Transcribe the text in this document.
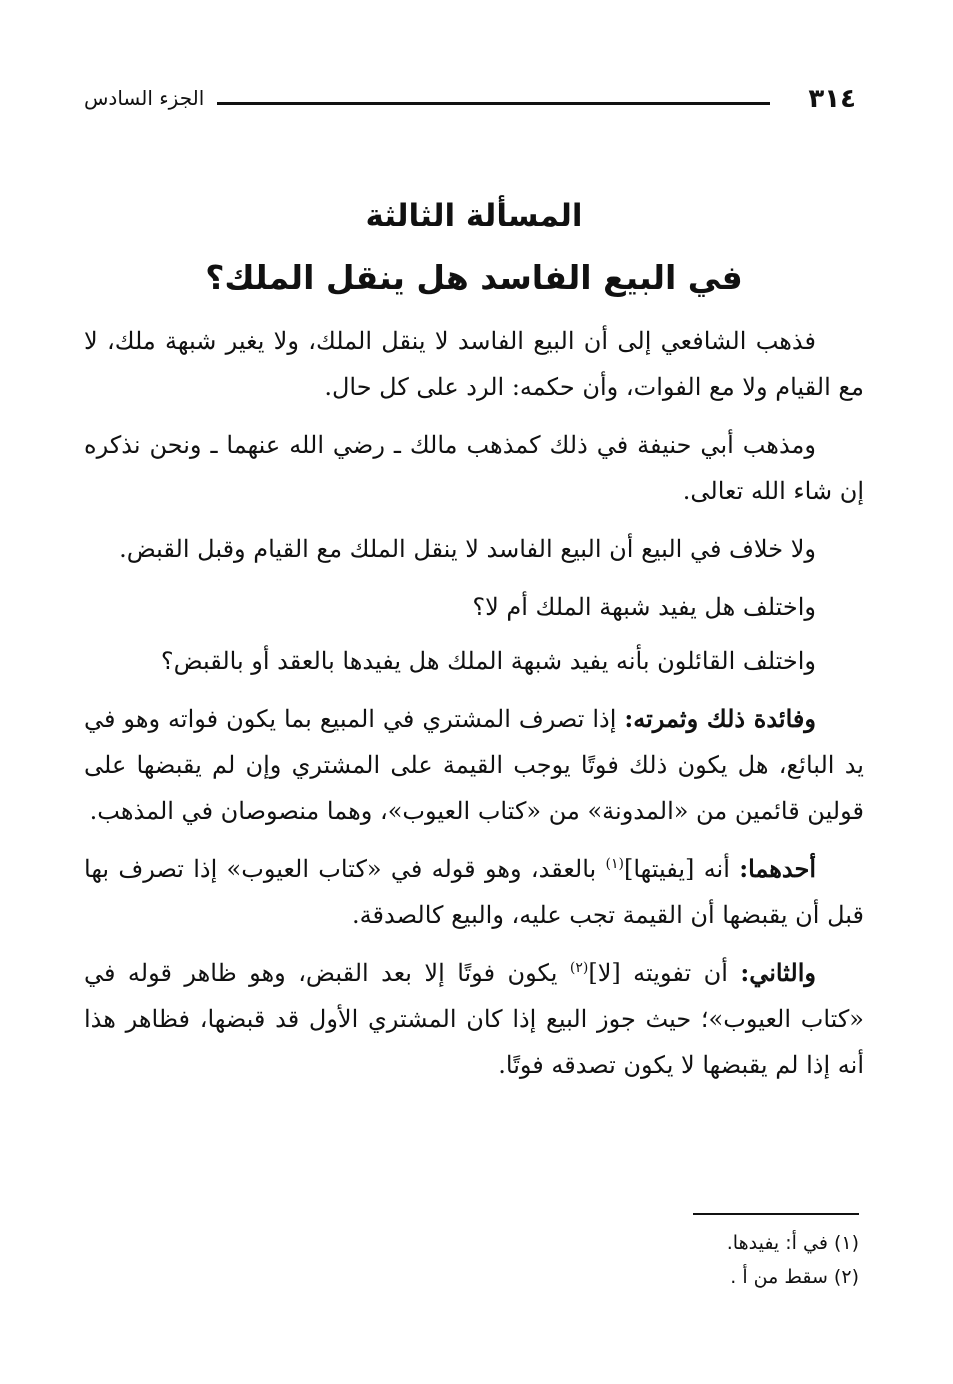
٣١٤
الجزء السادس
المسألة الثالثة
في البيع الفاسد هل ينقل الملك؟

فذهب الشافعي إلى أن البيع الفاسد لا ينقل الملك، ولا يغير شبهة ملك، لا مع القيام ولا مع الفوات، وأن حكمه: الرد على كل حال.

ومذهب أبي حنيفة في ذلك كمذهب مالك ـ رضي الله عنهما ـ ونحن نذكره إن شاء الله تعالى.

ولا خلاف في البيع أن البيع الفاسد لا ينقل الملك مع القيام وقبل القبض.

واختلف هل يفيد شبهة الملك أم لا؟

واختلف القائلون بأنه يفيد شبهة الملك هل يفيدها بالعقد أو بالقبض؟

وفائدة ذلك وثمرته: إذا تصرف المشتري في المبيع بما يكون فواته وهو في يد البائع، هل يكون ذلك فوتًا يوجب القيمة على المشتري وإن لم يقبضها على قولين قائمين من «المدونة» من «كتاب العيوب»، وهما منصوصان في المذهب.

أحدهما: أنه [يفيتها]$^{(١)}$ بالعقد، وهو قوله في «كتاب العيوب» إذا تصرف بها قبل أن يقبضها أن القيمة تجب عليه، والبيع كالصدقة.

والثاني: أن تفويته [لا]$^{(٢)}$ يكون فوتًا إلا بعد القبض، وهو ظاهر قوله في «كتاب العيوب»؛ حيث جوز البيع إذا كان المشتري الأول قد قبضها، فظاهر هذا أنه إذا لم يقبضها لا يكون تصدقه فوتًا.

(١) في أ: يفيدها.

(٢) سقط من أ .
